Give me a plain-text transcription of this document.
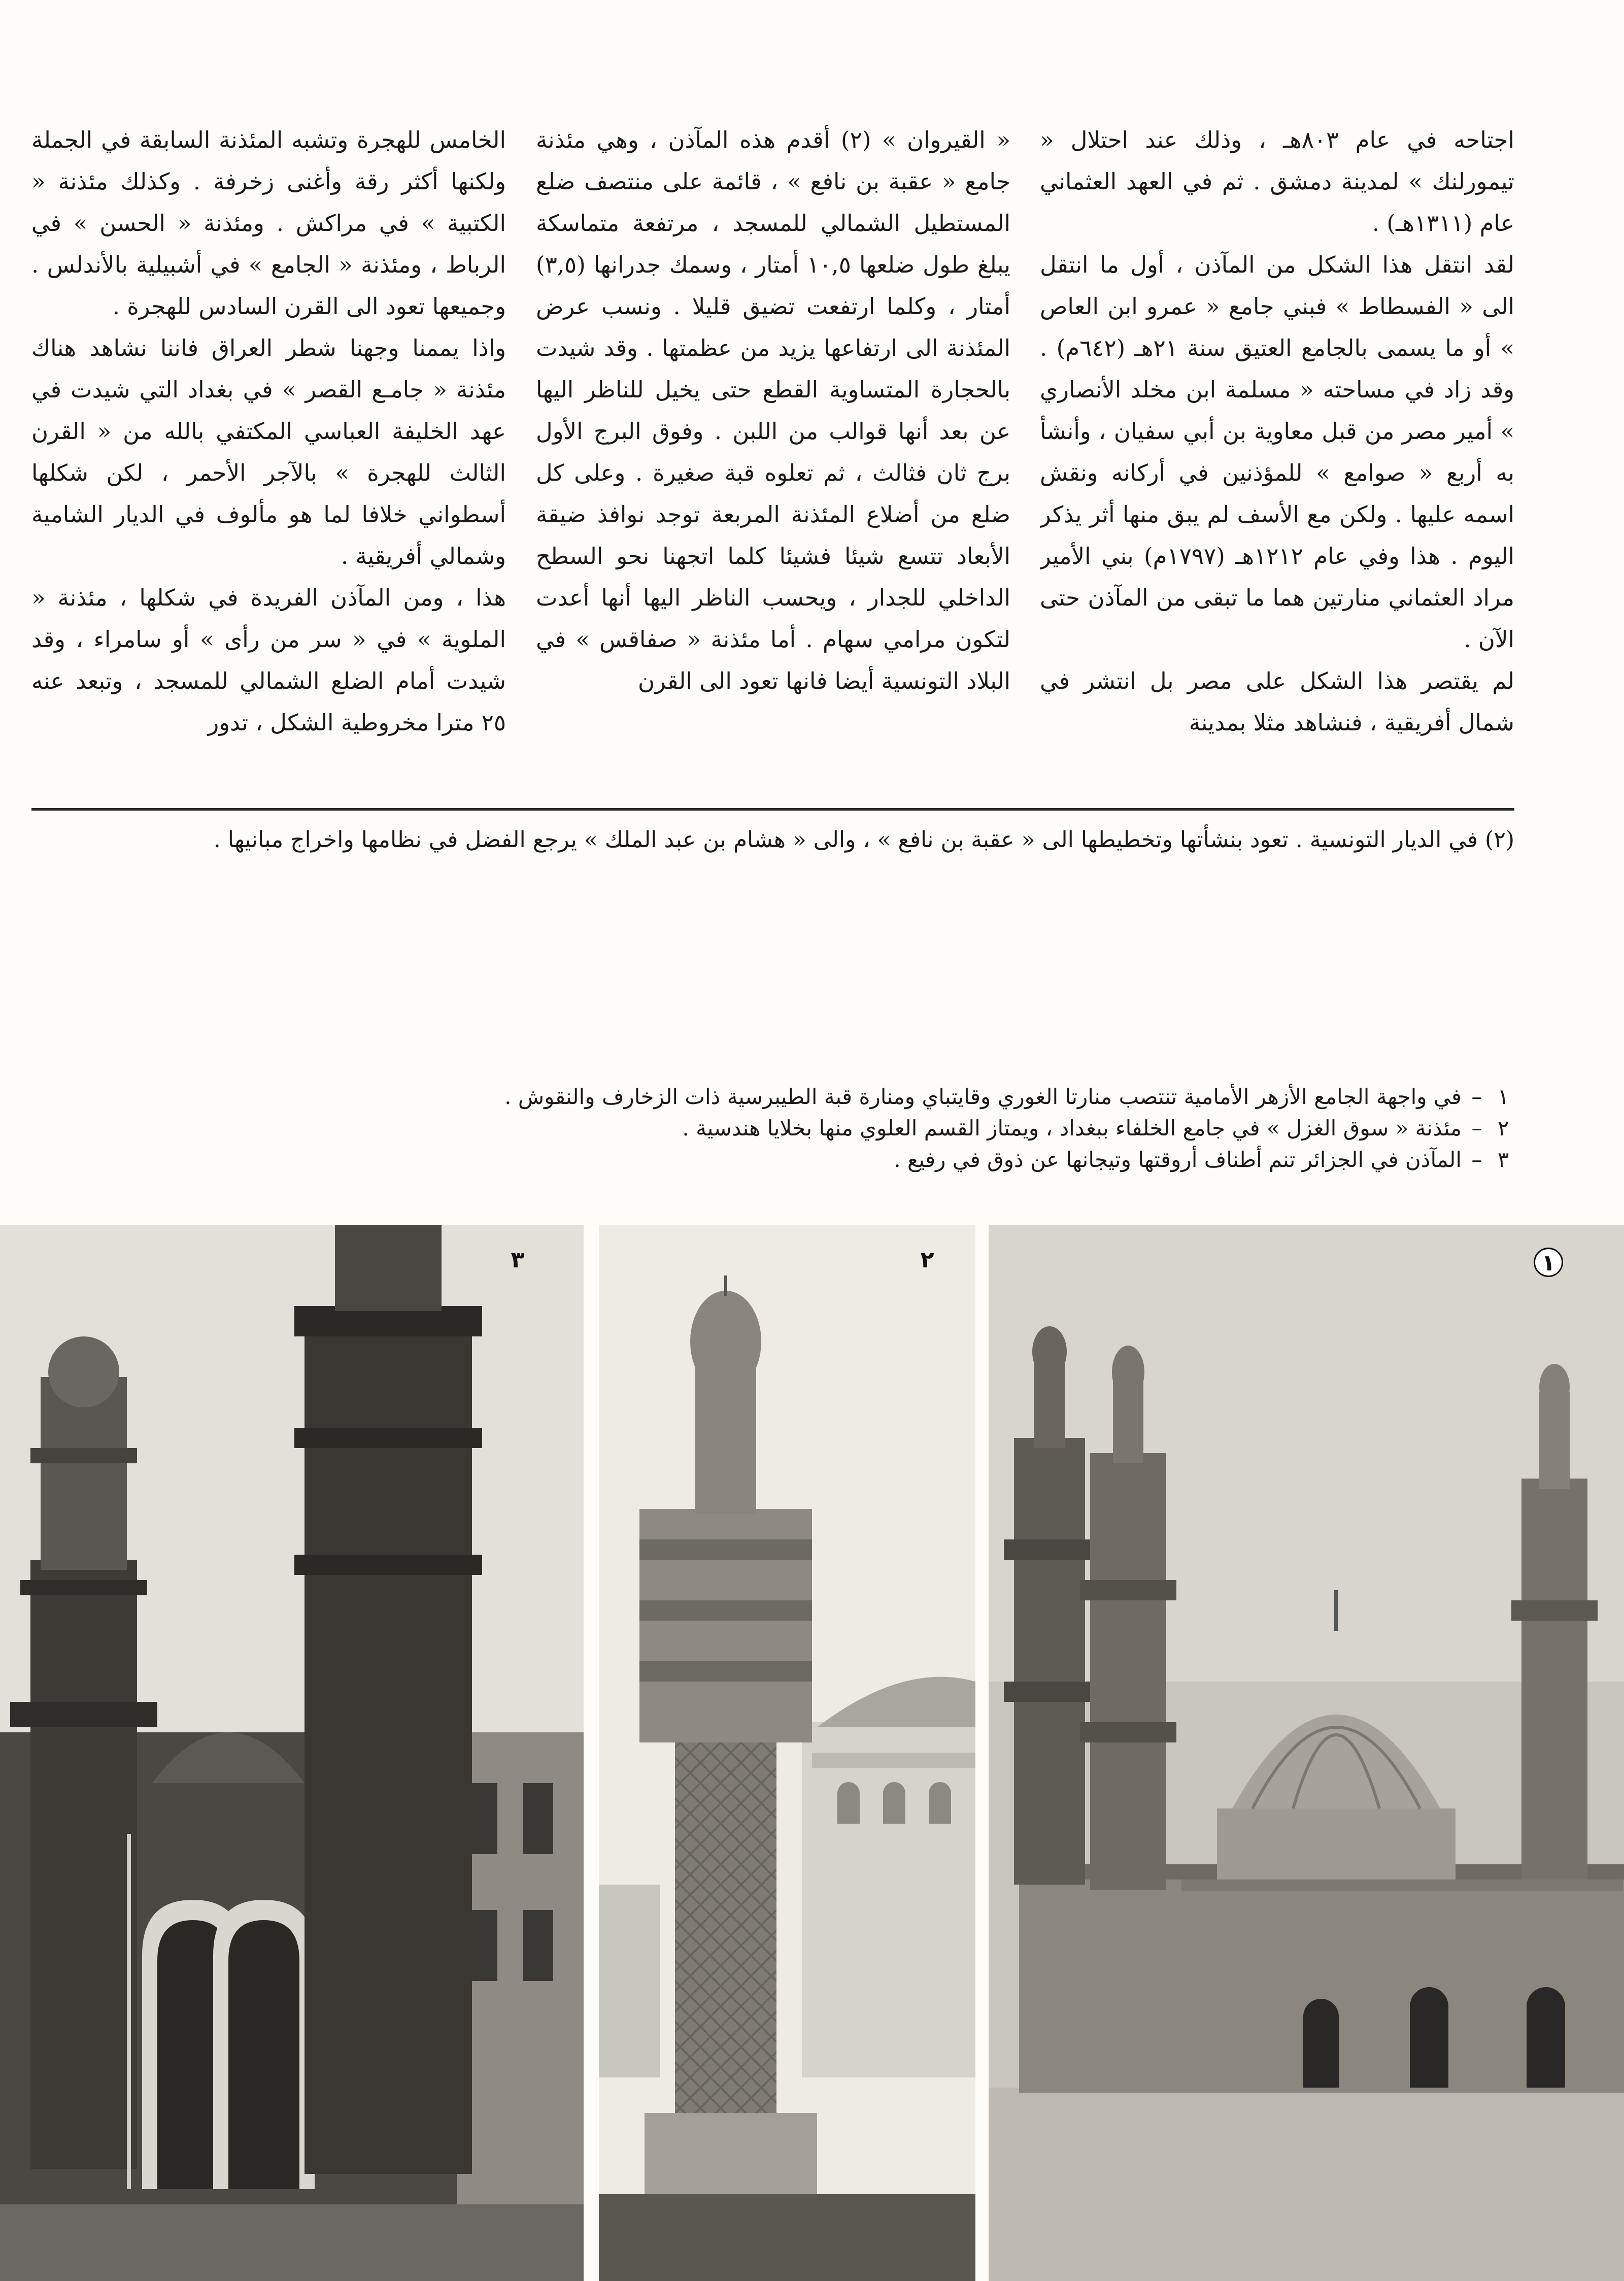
اجتاحه في عام ٨٠٣هـ ، وذلك عند احتلال « تيمورلنك » لمدينة دمشق . ثم في العهد العثماني عام (١٣١١هـ) .

لقد انتقل هذا الشكل من المآذن ، أول ما انتقل الى « الفسطاط » فبني جامع « عمرو ابن العاص » أو ما يسمى بالجامع العتيق سنة ٢١هـ (٦٤٢م) . وقد زاد في مساحته « مسلمة ابن مخلد الأنصاري » أمير مصر من قبل معاوية بن أبي سفيان ، وأنشأ به أربع « صوامع » للمؤذنين في أركانه ونقش اسمه عليها . ولكن مع الأسف لم يبق منها أثر يذكر اليوم . هذا وفي عام ١٢١٢هـ (١٧٩٧م) بني الأمير مراد العثماني منارتين هما ما تبقى من المآذن حتى الآن .

لم يقتصر هذا الشكل على مصر بل انتشر في شمال أفريقية ، فنشاهد مثلا بمدينة

« القيروان » (٢) أقدم هذه المآذن ، وهي مئذنة جامع « عقبة بن نافع » ، قائمة على منتصف ضلع المستطيل الشمالي للمسجد ، مرتفعة متماسكة يبلغ طول ضلعها ١٠,٥ أمتار ، وسمك جدرانها (٣,٥) أمتار ، وكلما ارتفعت تضيق قليلا . ونسب عرض المئذنة الى ارتفاعها يزيد من عظمتها . وقد شيدت بالحجارة المتساوية القطع حتى يخيل للناظر اليها عن بعد أنها قوالب من اللبن . وفوق البرج الأول برج ثان فثالث ، ثم تعلوه قبة صغيرة . وعلى كل ضلع من أضلاع المئذنة المربعة توجد نوافذ ضيقة الأبعاد تتسع شيئا فشيئا كلما اتجهنا نحو السطح الداخلي للجدار ، ويحسب الناظر اليها أنها أعدت لتكون مرامي سهام . أما مئذنة « صفاقس » في البلاد التونسية أيضا فانها تعود الى القرن

الخامس للهجرة وتشبه المئذنة السابقة في الجملة ولكنها أكثر رقة وأغنى زخرفة . وكذلك مئذنة « الكتبية » في مراكش . ومئذنة « الحسن » في الرباط ، ومئذنة « الجامع » في أشبيلية بالأندلس . وجميعها تعود الى القرن السادس للهجرة .

واذا يممنا وجهنا شطر العراق فاننا نشاهد هناك مئذنة « جامـع القصر » في بغداد التي شيدت في عهد الخليفة العباسي المكتفي بالله من « القرن الثالث للهجرة » بالآجر الأحمر ، لكن شكلها أسطواني خلافا لما هو مألوف في الديار الشامية وشمالي أفريقية .

هذا ، ومن المآذن الفريدة في شكلها ، مئذنة « الملوية » في « سر من رأى » أو سامراء ، وقد شيدت أمام الضلع الشمالي للمسجد ، وتبعد عنه ٢٥ مترا مخروطية الشكل ، تدور

(٢) في الديار التونسية . تعود بنشأتها وتخطيطها الى « عقبة بن نافع » ، والى « هشام بن عبد الملك » يرجع الفضل في نظامها واخراج مبانيها .

١–في واجهة الجامع الأزهر الأمامية تنتصب منارتا الغوري وقايتباي ومنارة قبة الطيبرسية ذات الزخارف والنقوش .
٢–مئذنة « سوق الغزل » في جامع الخلفاء ببغداد ، ويمتاز القسم العلوي منها بخلايا هندسية .
٣–المآذن في الجزائر تنم أطناف أروقتها وتيجانها عن ذوق في رفيع .
١
٢
٣
